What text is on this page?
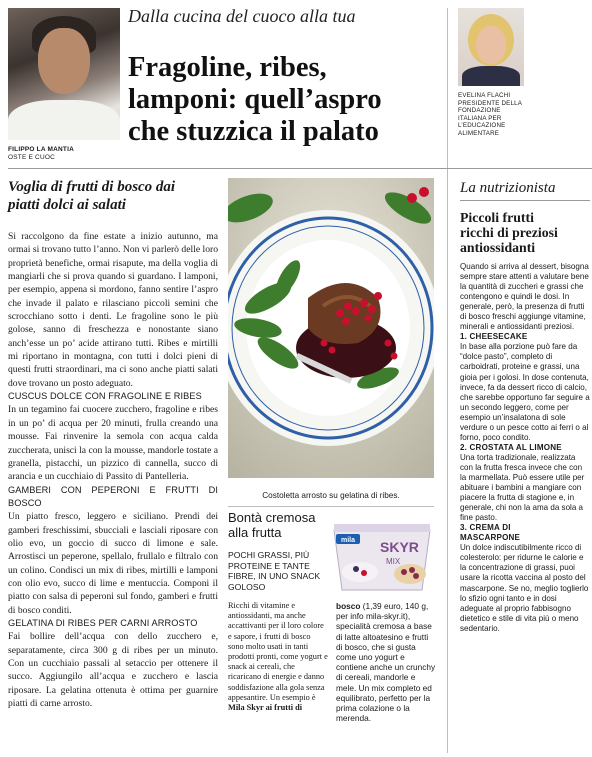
FILIPPO LA MANTIA
OSTE E CUOC
Dalla cucina del cuoco alla tua
Fragoline, ribes,
lamponi: quell’aspro
che stuzzica il palato
EVELINA FLACHI
PRESIDENTE DELLA
FONDAZIONE
ITALIANA PER
L’EDUCAZIONE
ALIMENTARE
Voglia di frutti di bosco dai
piatti dolci ai salati
Si raccolgono da fine estate a inizio autunno, ma ormai si trovano tutto l’anno. Non vi parlerò delle loro proprietà benefiche, ormai risapute, ma della voglia di mangiarli che si prova quando si guardano. I lamponi, per esempio, appena si mordono, fanno sentire l’aspro che invade il palato e rilasciano piccoli semini che scrocchiano sotto i denti. Le fragoline sono le più golose, sanno di freschezza e nonostante siano anch’esse un po’ acide attirano tutti. Ribes e mirtilli mi riportano in montagna, con tutti i dolci pieni di questi frutti straordinari, ma ci sono anche piatti salati dove trovano un posto adeguato.
CUSCUS DOLCE CON FRAGOLINE E RIBES
In un tegamino fai cuocere zucchero, fragoline e ribes in un po’ di acqua per 20 minuti, frulla creando una mousse. Fai rinvenire la semola con acqua calda zuccherata, unisci la con la mousse, mandorle tostate a granella, pistacchi, un pizzico di cannella, succo di arancia e un cucchiaio di Passito di Pantelleria.
GAMBERI CON PEPERONI E FRUTTI DI BOSCO
Un piatto fresco, leggero e siciliano. Prendi dei gamberi freschissimi, sbucciali e lasciali riposare con olio evo, un goccio di succo di limone e sale. Arrostisci un peperone, spellalo, frullalo e filtralo con un colino. Condisci un mix di ribes, mirtilli e lamponi con olio evo, succo di lime e mentuccia. Componi il piatto con salsa di peperoni sul fondo, gamberi e frutti di bosco conditi.
GELATINA DI RIBES PER CARNI ARROSTO
Fai bollire dell’acqua con dello zucchero e, separatamente, circa 300 g di ribes per un minuto. Con un cucchiaio passali al setaccio per ottenere il succo. Aggiungilo all’acqua e zucchero e lascia riposare. La gelatina ottenuta è ottima per guarnire piatti di carne arrosto.
Costoletta arrosto su gelatina di ribes.
Bontà cremosa
alla frutta
mila SKYR
MIX
POCHI GRASSI, PIÙ PROTEINE E TANTE FIBRE, IN UNO SNACK GOLOSO
Ricchi di vitamine e antiossidanti, ma anche accattivanti per il loro colore e sapore, i frutti di bosco sono molto usati in tanti prodotti pronti, come yogurt e snack ai cereali, che ricaricano di energie e danno soddisfazione alla gola senza appesantire. Un esempio è Mila Skyr ai frutti di
bosco (1,39 euro, 140 g, per info mila-skyr.it), specialità cremosa a base di latte altoatesino e frutti di bosco, che si gusta come uno yogurt e contiene anche un crunchy di cereali, mandorle e mele. Un mix completo ed equilibrato, perfetto per la prima colazione o la merenda.
La nutrizionista
Piccoli frutti
ricchi di preziosi
antiossidanti
Quando si arriva al dessert, bisogna sempre stare attenti a valutare bene la quantità di zuccheri e grassi che contengono e quindi le dosi. In generale, però, la presenza di frutti di bosco freschi aggiunge vitamine, minerali e antiossidanti preziosi.
1. CHEESECAKE
In base alla porzione può fare da “dolce pasto”, completo di carboidrati, proteine e grassi, una gioia per i golosi. In dose contenuta, invece, fa da dessert ricco di calcio, che sarebbe opportuno far seguire a un secondo leggero, come per esempio un’insalatona di sole verdure o un pesce cotto ai ferri o al forno, poco condito.
2. CROSTATA AL LIMONE
Una torta tradizionale, realizzata con la frutta fresca invece che con la marmellata. Può essere utile per abituare i bambini a mangiare con piacere la frutta di stagione e, in generale, chi non la ama da sola a fine pasto.
3. CREMA DI
MASCARPONE
Un dolce indiscutibilmente ricco di colesterolo: per ridurne le calorie e la concentrazione di grassi, puoi usare la ricotta vaccina al posto del mascarpone. Se no, meglio toglierlo lo sfizio ogni tanto e in dosi adeguate al proprio fabbisogno dietetico e stile di vita più o meno sedentario.
